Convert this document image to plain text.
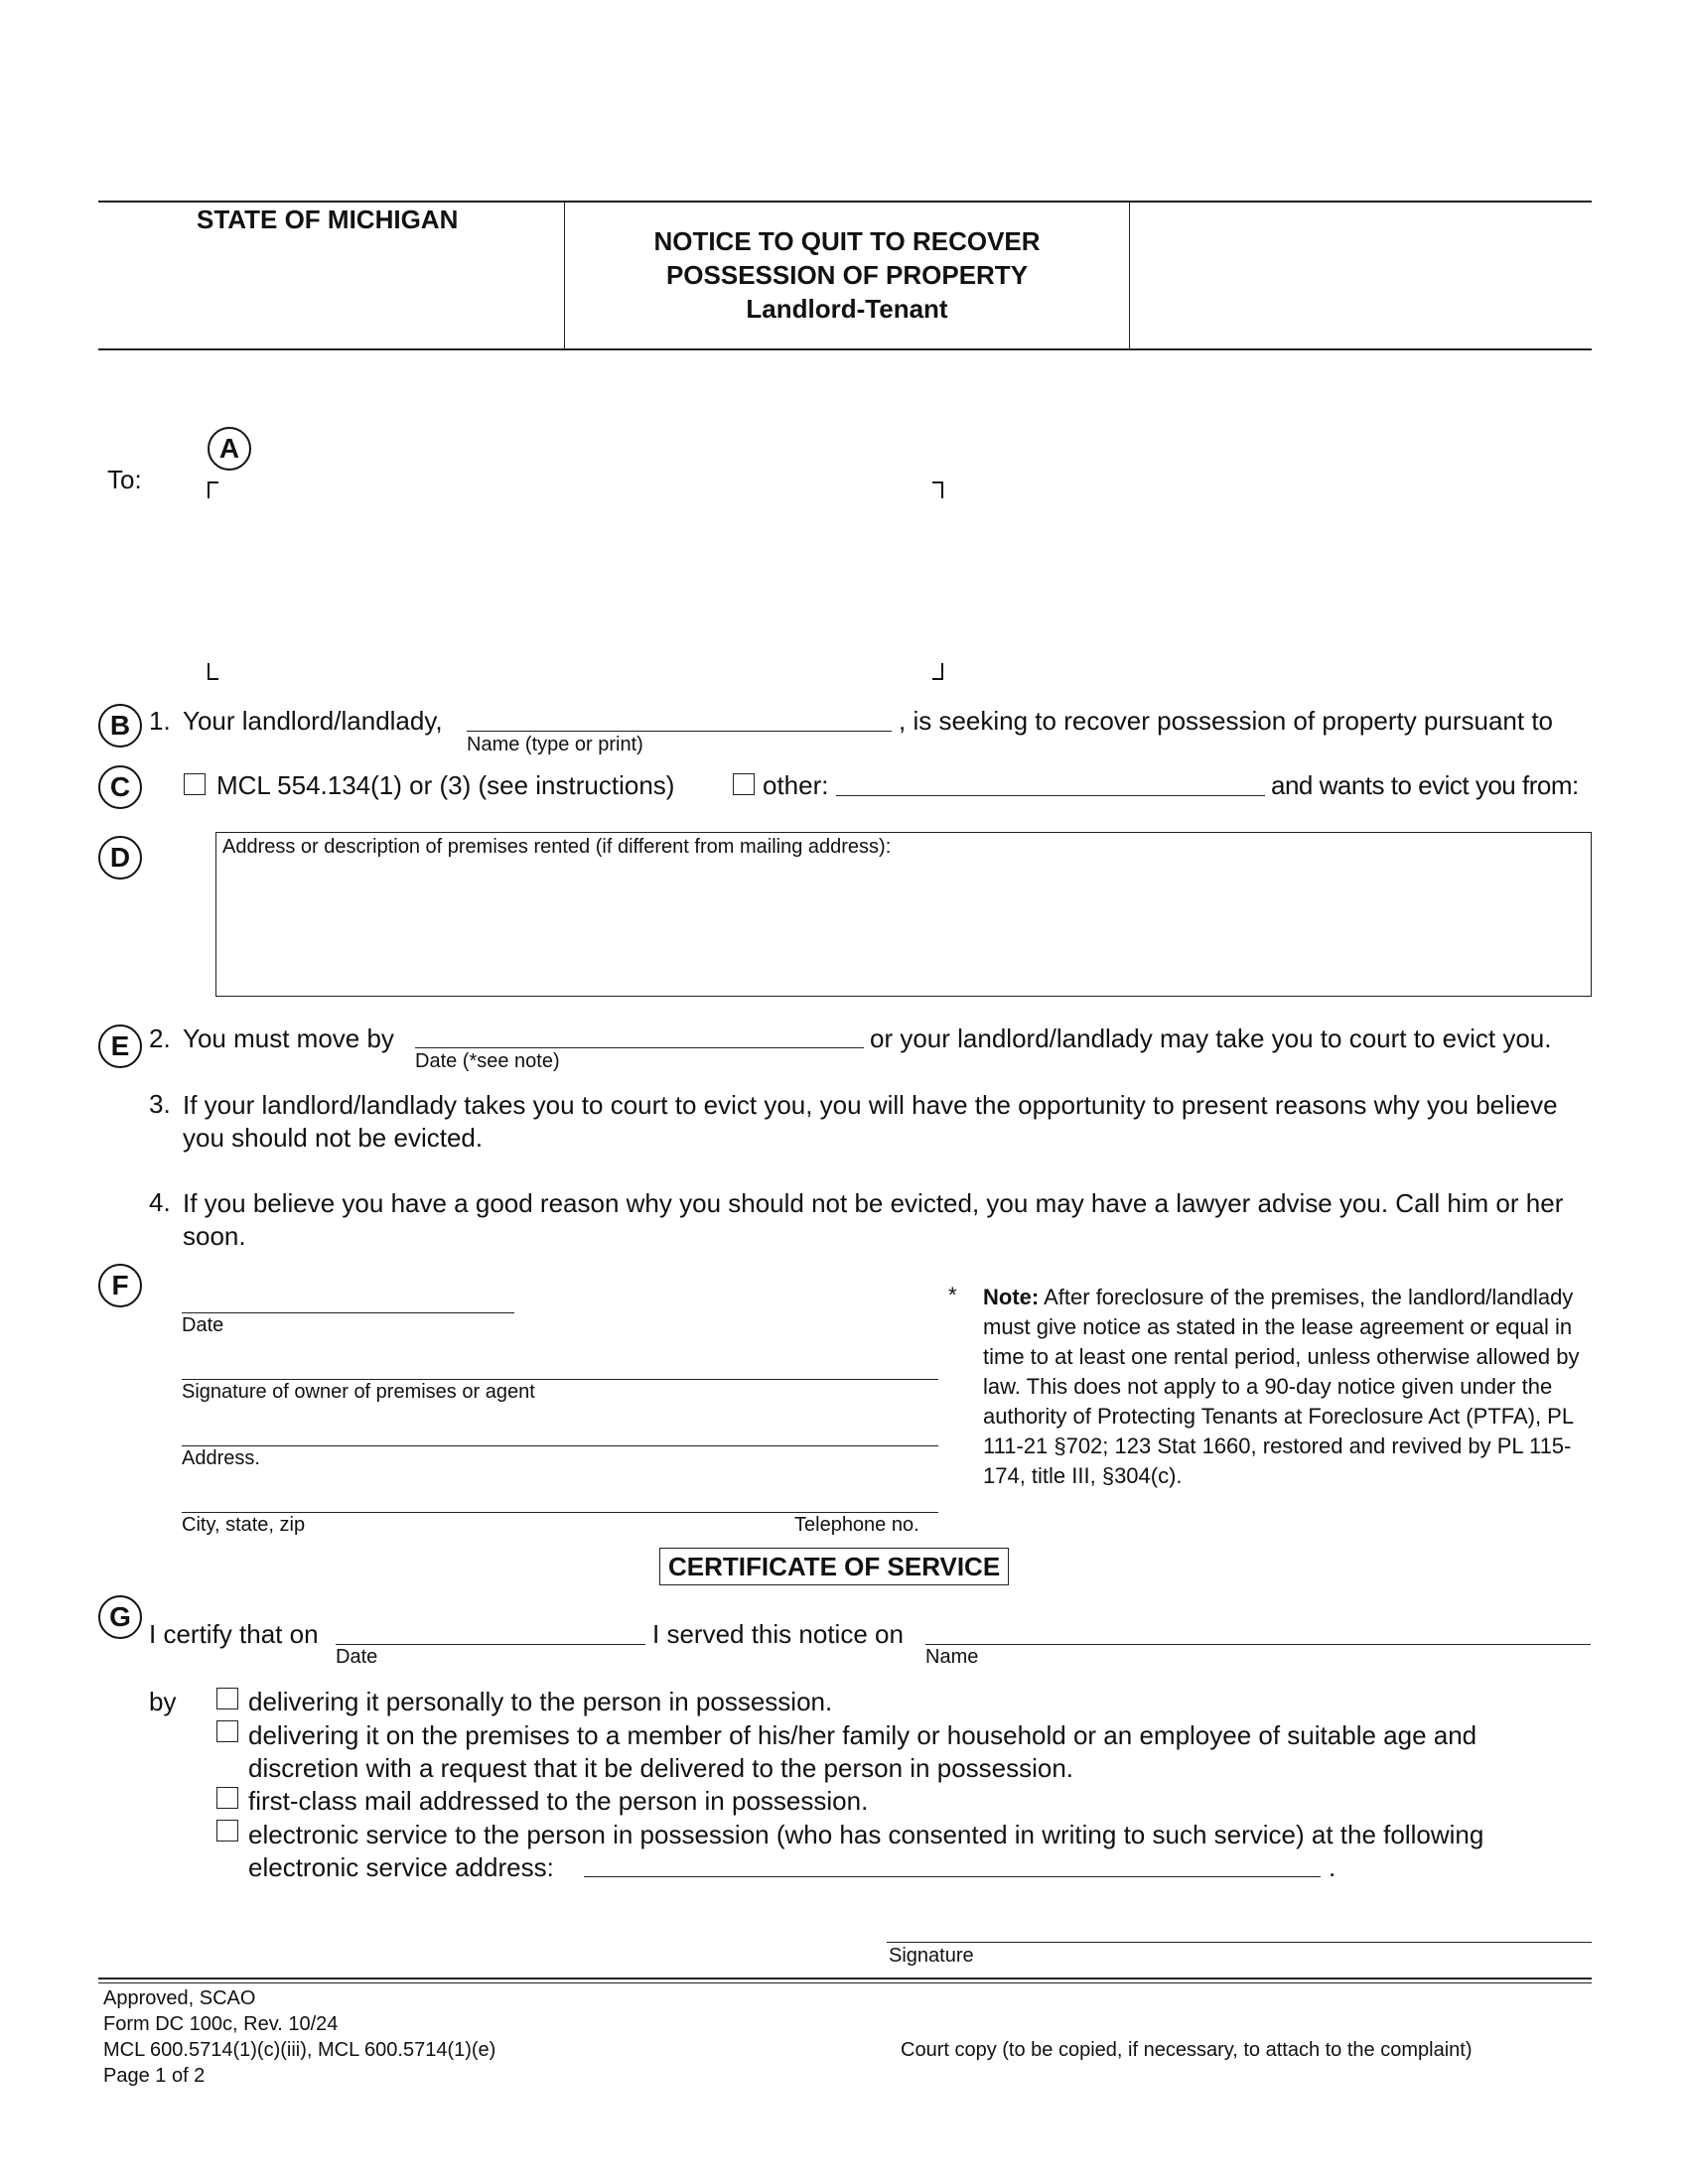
STATE OF MICHIGAN
NOTICE TO QUIT TO RECOVER
POSSESSION OF PROPERTY
Landlord-Tenant
To:
A
B 1. Your landlord/landlady,
Name (type or print)
, is seeking to recover possession of property pursuant to
C	MCL 554.134(1) or (3) (see instructions)	other:	and wants to evict you from:
D	Address or description of premises rented (if different from mailing address):
E 2. You must move by
Date (*see note)
or your landlord/landlady may take you to court to evict you.
3. If your landlord/landlady takes you to court to evict you, you will have the opportunity to present reasons why you believe you should not be evicted.
4. If you believe you have a good reason why you should not be evicted, you may have a lawyer advise you. Call him or her soon.
F
Date
Signature of owner of premises or agent
Address.
City, state, zip	Telephone no.
* Note: After foreclosure of the premises, the landlord/landlady must give notice as stated in the lease agreement or equal in time to at least one rental period, unless otherwise allowed by law. This does not apply to a 90-day notice given under the authority of Protecting Tenants at Foreclosure Act (PTFA), PL 111-21 §702; 123 Stat 1660, restored and revived by PL 115-174, title III, §304(c).
CERTIFICATE OF SERVICE
G
I certify that on
Date
I served this notice on
Name
by	delivering it personally to the person in possession.
delivering it on the premises to a member of his/her family or household or an employee of suitable age and discretion with a request that it be delivered to the person in possession.
first-class mail addressed to the person in possession.
electronic service to the person in possession (who has consented in writing to such service) at the following electronic service address:	.
Signature
Approved, SCAO
Form DC 100c, Rev. 10/24
MCL 600.5714(1)(c)(iii), MCL 600.5714(1)(e)
Page 1 of 2
Court copy (to be copied, if necessary, to attach to the complaint)
